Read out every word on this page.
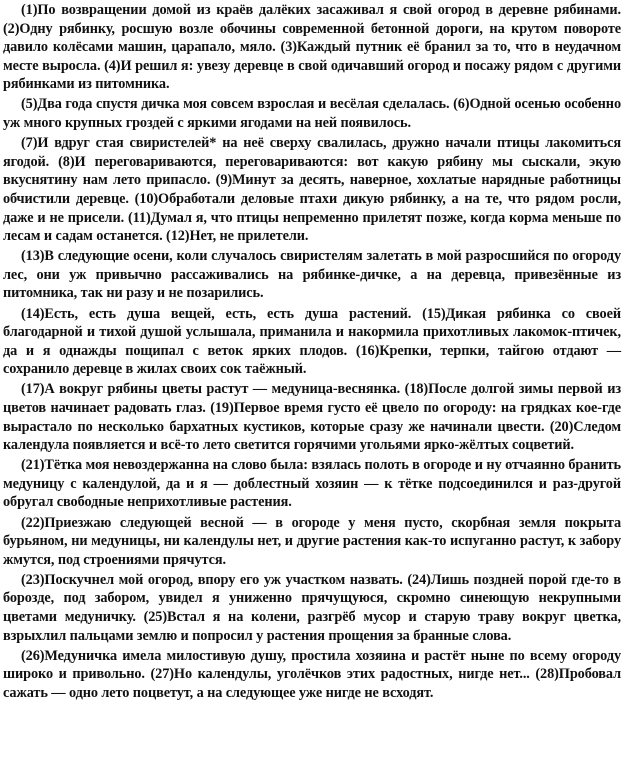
(1)По возвращении домой из краёв далёких засаживал я свой огород в деревне рябинами. (2)Одну рябинку, росшую возле обочины современной бетонной дороги, на крутом повороте давило колёсами машин, царапало, мяло. (3)Каждый путник её бранил за то, что в неудачном месте выросла. (4)И решил я: увезу деревце в свой одичавший огород и посажу рядом с другими рябинками из питомника.

(5)Два года спустя дичка моя совсем взрослая и весёлая сделалась. (6)Одной осенью особенно уж много крупных гроздей с яркими ягодами на ней появилось.

(7)И вдруг стая свиристелей* на неё сверху свалилась, дружно начали птицы лакомиться ягодой. (8)И переговариваются, переговариваются: вот какую рябину мы сыскали, экую вкуснятину нам лето припасло. (9)Минут за десять, наверное, хохлатые нарядные работницы обчистили деревце. (10)Обработали деловые птахи дикую рябинку, а на те, что рядом росли, даже и не присели. (11)Думал я, что птицы непременно прилетят позже, когда корма меньше по лесам и садам останется. (12)Нет, не прилетели.

(13)В следующие осени, коли случалось свиристелям залетать в мой разросшийся по огороду лес, они уж привычно рассаживались на рябинке-дичке, а на деревца, привезённые из питомника, так ни разу и не позарились.

(14)Есть, есть душа вещей, есть, есть душа растений. (15)Дикая рябинка со своей благодарной и тихой душой услышала, приманила и накормила прихотливых лакомок-птичек, да и я однажды пощипал с веток ярких плодов. (16)Крепки, терпки, тайгою отдают — сохранило деревце в жилах своих сок таёжный.

(17)А вокруг рябины цветы растут — медуница-веснянка. (18)После долгой зимы первой из цветов начинает радовать глаз. (19)Первое время густо её цвело по огороду: на грядках кое-где вырастало по несколько бархатных кустиков, которые сразу же начинали цвести. (20)Следом календула появляется и всё-то лето светится горячими угольями ярко-жёлтых соцветий.

(21)Тётка моя невоздержанна на слово была: взялась полоть в огороде и ну отчаянно бранить медуницу с календулой, да и я — доблестный хозяин — к тётке подсоединился и раз-другой обругал свободные неприхотливые растения.

(22)Приезжаю следующей весной — в огороде у меня пусто, скорбная земля покрыта бурьяном, ни медуницы, ни календулы нет, и другие растения как-то испуганно растут, к забору жмутся, под строениями прячутся.

(23)Поскучнел мой огород, впору его уж участком назвать. (24)Лишь поздней порой где-то в борозде, под забором, увидел я униженно прячущуюся, скромно синеющую некрупными цветами медуничку. (25)Встал я на колени, разгрёб мусор и старую траву вокруг цветка, взрыхлил пальцами землю и попросил у растения прощения за бранные слова.

(26)Медуничка имела милостивую душу, простила хозяина и растёт ныне по всему огороду широко и привольно. (27)Но календулы, уголёчков этих радостных, нигде нет... (28)Пробовал сажать — одно лето поцветут, а на следующее уже нигде не всходят.
